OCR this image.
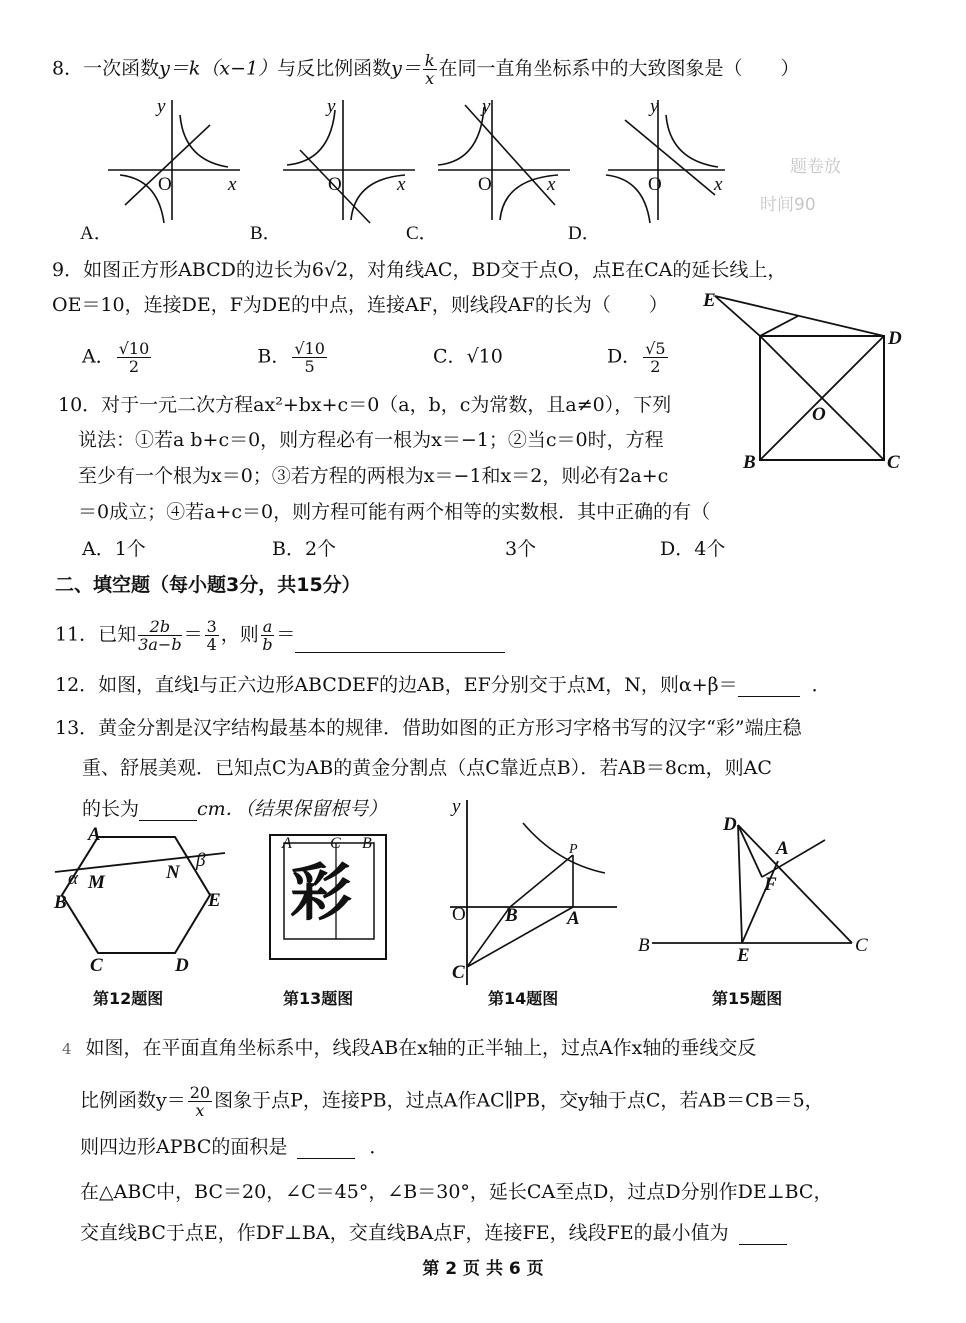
8．一次函数y＝k（x−1）与反比例函数$y= \frac{k}{x}$ 在同一直角坐标系中的大致图象是（　　）
y
O	x
A．
y
O	x
B．
y
O	x
C．
y
O	x
D．
题卷放
时间90
9．如图正方形ABCD的边长为6√2，对角线AC，BD交于点O，点E在CA的延长线上，
OE＝10，连接DE，F为DE的中点，连接AF，则线段AF的长为（　　）
A． $\frac{√10}{2}$	B． $\frac{√10}{5}$	C．√10	D． $\frac{√5}{2}$
E
D
O
B	C
10．对于一元二次方程ax²+bx+c＝0（a，b，c为常数，且a≠0），下列
说法：①若a b+c＝0，则方程必有一根为x＝−1；②当c＝0时，方程
至少有一个根为x＝0；③若方程的两根为x＝−1和x＝2，则必有2a+c
＝0成立；④若a+c＝0，则方程可能有两个相等的实数根．其中正确的有（
A．1个	B．2个	3个	D．4个
二、填空题（每小题3分，共15分）
11．已知 $\frac{2b}{3a-b} = \frac{3}{4}$ ，则 $\frac{a}{b}$ ＝
12．如图，直线l与正六边形ABCDEF的边AB，EF分别交于点M，N，则α+β＝	．
13．黄金分割是汉字结构最基本的规律．借助如图的正方形习字格书写的汉字“彩”端庄稳
重、舒展美观．已知点C为AB的黄金分割点（点C靠近点B）．若AB＝8cm，则AC
的长为	cm．（结果保留根号）
A
α M	N
β
B	E
C	D
第12题图
A C B
彩
第13题图
y
O B	A
C
P
第14题图
D
A
F
B	E	C
第15题图
4 如图，在平面直角坐标系中，线段AB在x轴的正半轴上，过点A作x轴的垂线交反
比例函数$y= \frac{20}{x}$ 图象于点P，连接PB，过点A作AC∥PB，交y轴于点C，若AB＝CB＝5，
则四边形APBC的面积是	．
在△ABC中，BC＝20，∠C＝45°，∠B＝30°，延长CA至点D，过点D分别作DE⊥BC，
交直线BC于点E，作DF⊥BA，交直线BA点F，连接FE，线段FE的最小值为
第 2 页 共 6 页
